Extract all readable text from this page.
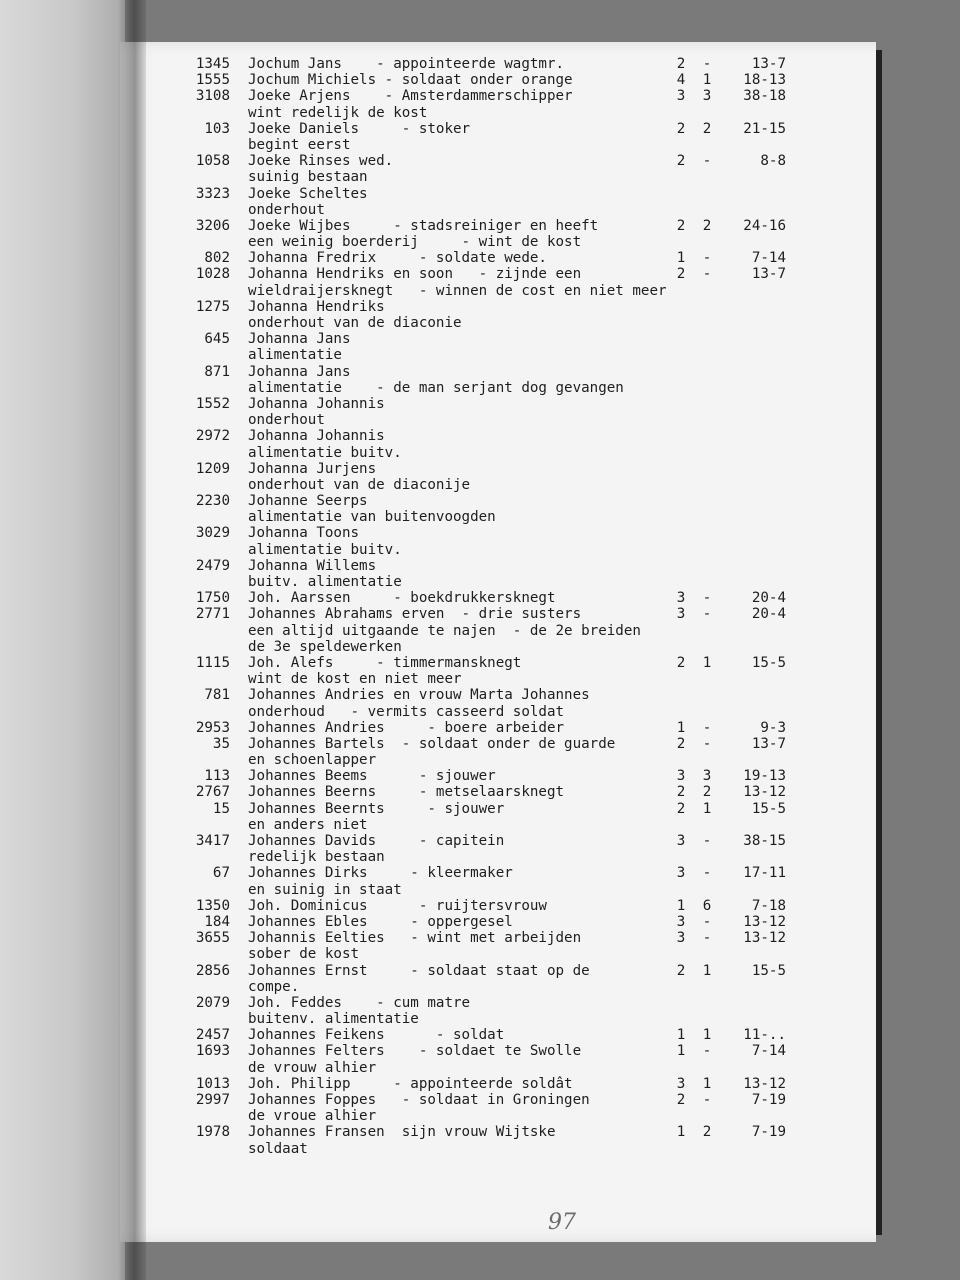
1345 Jochum Jans    - appointeerde wagtmr.	2 -	13-7
1555 Jochum Michiels - soldaat onder orange	4 1	18-13
3108 Joeke Arjens    - Amsterdammerschipper	3 3	38-18
wint redelijk de kost
103 Joeke Daniels     - stoker	2 2	21-15
begint eerst
1058 Joeke Rinses wed.	2 -	8-8
suinig bestaan
3323 Joeke Scheltes
onderhout
3206 Joeke Wijbes     - stadsreiniger en heeft	2 2	24-16
een weinig boerderij     - wint de kost
802 Johanna Fredrix     - soldate wede.	1 -	7-14
1028 Johanna Hendriks en soon   - zijnde een	2 -	13-7
wieldraijersknegt   - winnen de cost en niet meer
1275 Johanna Hendriks
onderhout van de diaconie
645 Johanna Jans
alimentatie
871 Johanna Jans
alimentatie    - de man serjant dog gevangen
1552 Johanna Johannis
onderhout
2972 Johanna Johannis
alimentatie buitv.
1209 Johanna Jurjens
onderhout van de diaconije
2230 Johanne Seerps
alimentatie van buitenvoogden
3029 Johanna Toons
alimentatie buitv.
2479 Johanna Willems
buitv. alimentatie
1750 Joh. Aarssen     - boekdrukkersknegt	3 -	20-4
2771 Johannes Abrahams erven  - drie susters	3 -	20-4
een altijd uitgaande te najen  - de 2e breiden
de 3e speldewerken
1115 Joh. Alefs     - timmermansknegt	2 1	15-5
wint de kost en niet meer
781 Johannes Andries en vrouw Marta Johannes
onderhoud   - vermits casseerd soldat
2953 Johannes Andries     - boere arbeider	1 -	9-3
35 Johannes Bartels  - soldaat onder de guarde	2 -	13-7
en schoenlapper
113 Johannes Beems      - sjouwer	3 3	19-13
2767 Johannes Beerns     - metselaarsknegt	2 2	13-12
15 Johannes Beernts     - sjouwer	2 1	15-5
en anders niet
3417 Johannes Davids     - capitein	3 -	38-15
redelijk bestaan
67 Johannes Dirks     - kleermaker	3 -	17-11
en suinig in staat
1350 Joh. Dominicus      - ruijtersvrouw	1 6	7-18
184 Johannes Ebles     - oppergesel	3 -	13-12
3655 Johannis Eelties   - wint met arbeijden	3 -	13-12
sober de kost
2856 Johannes Ernst     - soldaat staat op de	2 1	15-5
compe.
2079 Joh. Feddes    - cum matre
buitenv. alimentatie
2457 Johannes Feikens      - soldat	1 1	11-..
1693 Johannes Felters    - soldaet te Swolle	1 -	7-14
de vrouw alhier
1013 Joh. Philipp     - appointeerde soldât	3 1	13-12
2997 Johannes Foppes   - soldaat in Groningen	2 -	7-19
de vroue alhier
1978 Johannes Fransen  sijn vrouw Wijtske	1 2	7-19
soldaat
97
